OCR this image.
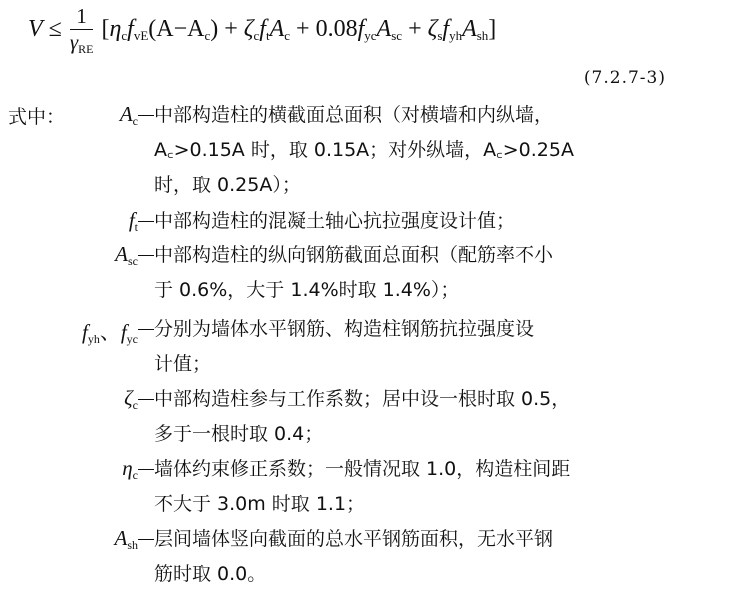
$V \le \frac{1}{\gamma_{RE}} [\eta_cf_{vE}(A-A_c) + \zeta_cf_tA_c + 0.08f_{yc}A_{sc} + \zeta_sf_{yh}A_{sh}]$
(7.2.7-3)
式中：	$A_c$ 中部构造柱的横截面总面积（对横墙和内纵墙，
A꜀>0.15A 时，取 0.15A；对外纵墙，A꜀>0.25A
时，取 0.25A）；
$f_t$ 中部构造柱的混凝土轴心抗拉强度设计值；
$A_{sc}$ 中部构造柱的纵向钢筋截面总面积（配筋率不小
于 0.6%，大于 1.4%时取 1.4%）；
$f_{yh}$、$f_{yc}$ 分别为墙体水平钢筋、构造柱钢筋抗拉强度设
计值；
$\zeta_c$ 中部构造柱参与工作系数；居中设一根时取 0.5，
多于一根时取 0.4；
$\eta_c$ 墙体约束修正系数；一般情况取 1.0，构造柱间距
不大于 3.0m 时取 1.1；
$A_{sh}$ 层间墙体竖向截面的总水平钢筋面积，无水平钢
筋时取 0.0。
